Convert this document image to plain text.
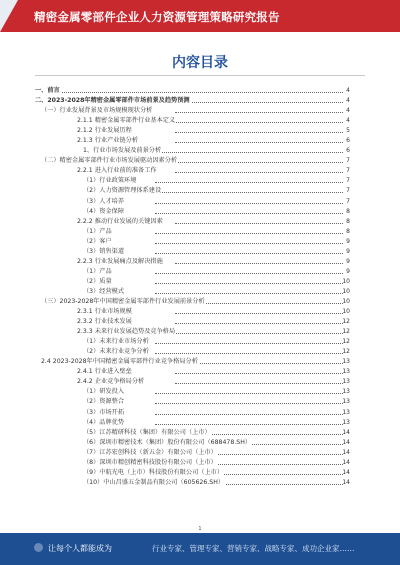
精密金属零部件企业人力资源管理策略研究报告
内容目录
一、前言	4
二、2023-2028年精密金属零部件市场前景及趋势预测	4
（一）行业发展背景及市场规模现状分析	4
2.1.1 精密金属零部件行业基本定义	4
2.1.2 行业发展历程	5
2.1.3 行业产业链分析	6
1、行业市场发展及前景分析	6
（二）精密金属零部件行业市场发展驱动因素分析	7
2.2.1 进入行业前的准备工作	7
（1）行业政策环境	7
（2）人力资源管理体系建设	7
（3）人才培养	7
（4）资金保障	8
2.2.2 推动行业发展的关键因素	8
（1）产品	8
（2）客户	9
（3）销售渠道	9
2.2.3 行业发展痛点及解决措施	9
（1）产品	9
（2）质量	10
（3）经营模式	10
（三）2023-2028年中国精密金属零部件行业发展前景分析	10
2.3.1 行业市场规模	10
2.3.2 行业技术发展	12
2.3.3 未来行业发展趋势及竞争格局	12
（1）未来行业市场分析	12
（2）未来行业竞争分析	12
2.4 2023-2028年中国精密金属零部件行业竞争格局分析	13
2.4.1 行业进入壁垒	13
2.4.2 企业竞争格局分析	13
（1）研发投入	13
（2）资源整合	13
（3）市场开拓	13
（4）品牌优势	13
（5）江苏精研科技（集团）有限公司（上市）	14
（6）深圳市精密技术（集团）股份有限公司（688478.SH）	14
（7）江苏宏创科技（新五金）有限公司（上市）	14
（8）深圳市精创精密科技股份有限公司（上市）	14
（9）中航光电（上市）科技股份有限公司（上市）	14
（10）中山昌盛五金制品有限公司（605626.SH）	14
1
让每个人都能成为	行业专家、管理专家、营销专家、战略专家、成功企业家……
